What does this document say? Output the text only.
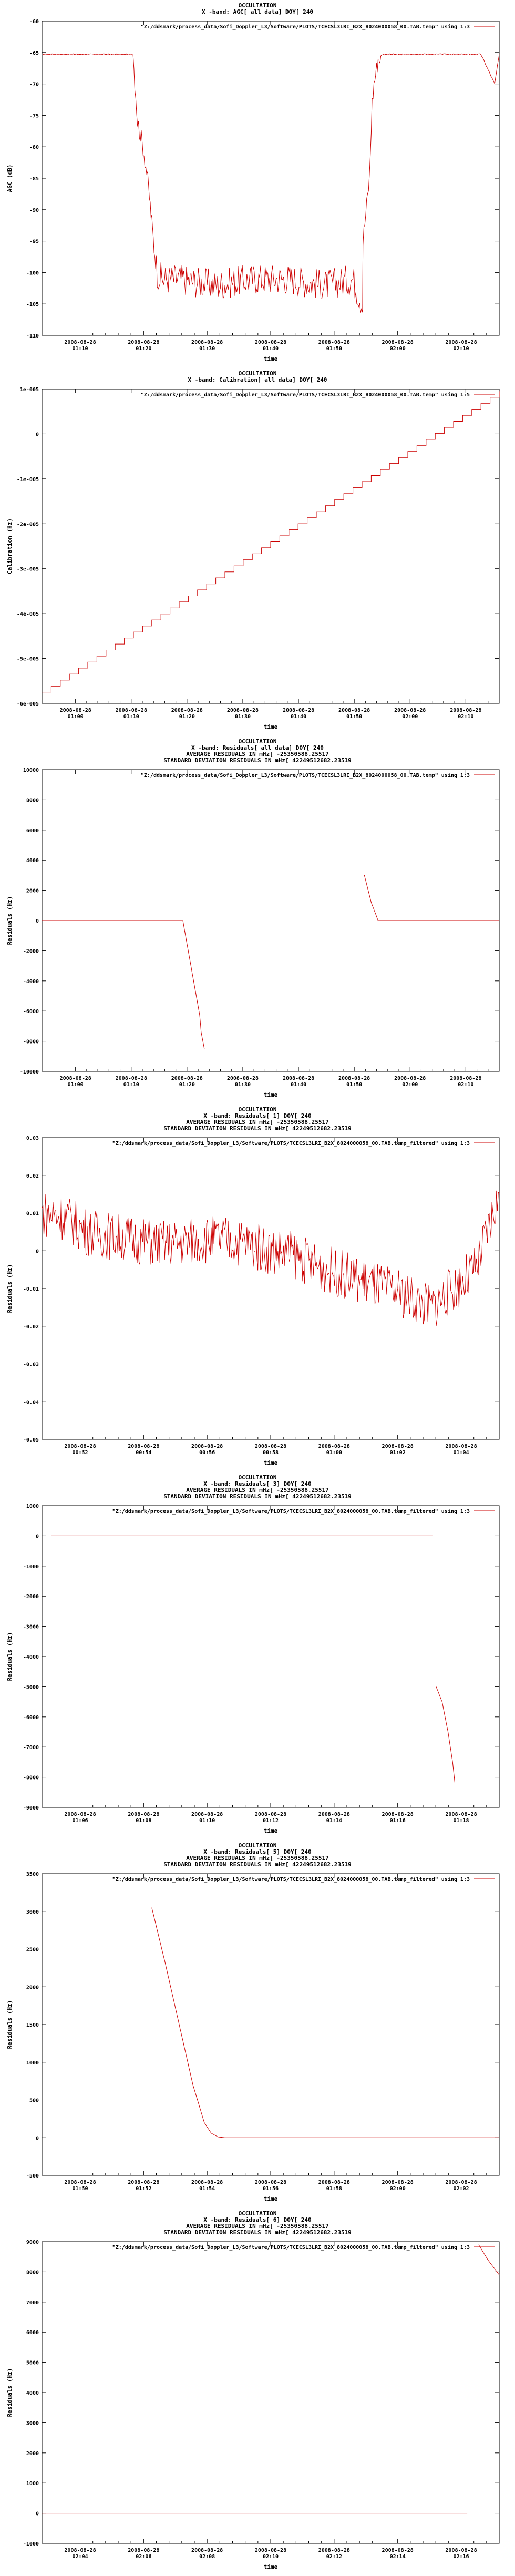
OCCULTATION
X -band: AGC[ all data] DOY[ 240
-60
-65
-70
-75
-80
-85
-90
-95
-100
-105
-110
2008-08-28
01:10
2008-08-28
01:20
2008-08-28
01:30
2008-08-28
01:40
2008-08-28
01:50
2008-08-28
02:00
2008-08-28
02:10
time
AGC (dB)
"Z:/ddsmark/process_data/Sofi_Doppler_L3/Software/PLOTS/TCECSL3LRI_B2X_8024000058_00.TAB.temp" using 1:3
OCCULTATION
X -band: Calibration[ all data] DOY[ 240
1e-005
0
-1e-005
-2e-005
-3e-005
-4e-005
-5e-005
-6e-005
2008-08-28
01:00
2008-08-28
01:10
2008-08-28
01:20
2008-08-28
01:30
2008-08-28
01:40
2008-08-28
01:50
2008-08-28
02:00
2008-08-28
02:10
time
Calibration (Hz)
"Z:/ddsmark/process_data/Sofi_Doppler_L3/Software/PLOTS/TCECSL3LRI_B2X_8024000058_00.TAB.temp" using 1:5
OCCULTATION
X -band: Residuals[ all data] DOY[ 240
AVERAGE RESIDUALS IN mHz[ -25350588.25517
STANDARD DEVIATION RESIDUALS IN mHz[ 42249512682.23519
10000
8000
6000
4000
2000
0
-2000
-4000
-6000
-8000
-10000
2008-08-28
01:00
2008-08-28
01:10
2008-08-28
01:20
2008-08-28
01:30
2008-08-28
01:40
2008-08-28
01:50
2008-08-28
02:00
2008-08-28
02:10
time
Residuals (Hz)
"Z:/ddsmark/process_data/Sofi_Doppler_L3/Software/PLOTS/TCECSL3LRI_B2X_8024000058_00.TAB.temp" using 1:3
OCCULTATION
X -band: Residuals[ 1] DOY[ 240
AVERAGE RESIDUALS IN mHz[ -25350588.25517
STANDARD DEVIATION RESIDUALS IN mHz[ 42249512682.23519
0.03
0.02
0.01
0
-0.01
-0.02
-0.03
-0.04
-0.05
2008-08-28
00:52
2008-08-28
00:54
2008-08-28
00:56
2008-08-28
00:58
2008-08-28
01:00
2008-08-28
01:02
2008-08-28
01:04
time
Residuals (Hz)
"Z:/ddsmark/process_data/Sofi_Doppler_L3/Software/PLOTS/TCECSL3LRI_B2X_8024000058_00.TAB.temp_filtered" using 1:3
OCCULTATION
X -band: Residuals[ 3] DOY[ 240
AVERAGE RESIDUALS IN mHz[ -25350588.25517
STANDARD DEVIATION RESIDUALS IN mHz[ 42249512682.23519
1000
0
-1000
-2000
-3000
-4000
-5000
-6000
-7000
-8000
-9000
2008-08-28
01:06
2008-08-28
01:08
2008-08-28
01:10
2008-08-28
01:12
2008-08-28
01:14
2008-08-28
01:16
2008-08-28
01:18
time
Residuals (Hz)
"Z:/ddsmark/process_data/Sofi_Doppler_L3/Software/PLOTS/TCECSL3LRI_B2X_8024000058_00.TAB.temp_filtered" using 1:3
OCCULTATION
X -band: Residuals[ 5] DOY[ 240
AVERAGE RESIDUALS IN mHz[ -25350588.25517
STANDARD DEVIATION RESIDUALS IN mHz[ 42249512682.23519
3500
3000
2500
2000
1500
1000
500
0
-500
2008-08-28
01:50
2008-08-28
01:52
2008-08-28
01:54
2008-08-28
01:56
2008-08-28
01:58
2008-08-28
02:00
2008-08-28
02:02
time
Residuals (Hz)
"Z:/ddsmark/process_data/Sofi_Doppler_L3/Software/PLOTS/TCECSL3LRI_B2X_8024000058_00.TAB.temp_filtered" using 1:3
OCCULTATION
X -band: Residuals[ 6] DOY[ 240
AVERAGE RESIDUALS IN mHz[ -25350588.25517
STANDARD DEVIATION RESIDUALS IN mHz[ 42249512682.23519
9000
8000
7000
6000
5000
4000
3000
2000
1000
0
-1000
2008-08-28
02:04
2008-08-28
02:06
2008-08-28
02:08
2008-08-28
02:10
2008-08-28
02:12
2008-08-28
02:14
2008-08-28
02:16
time
Residuals (Hz)
"Z:/ddsmark/process_data/Sofi_Doppler_L3/Software/PLOTS/TCECSL3LRI_B2X_8024000058_00.TAB.temp_filtered" using 1:3
